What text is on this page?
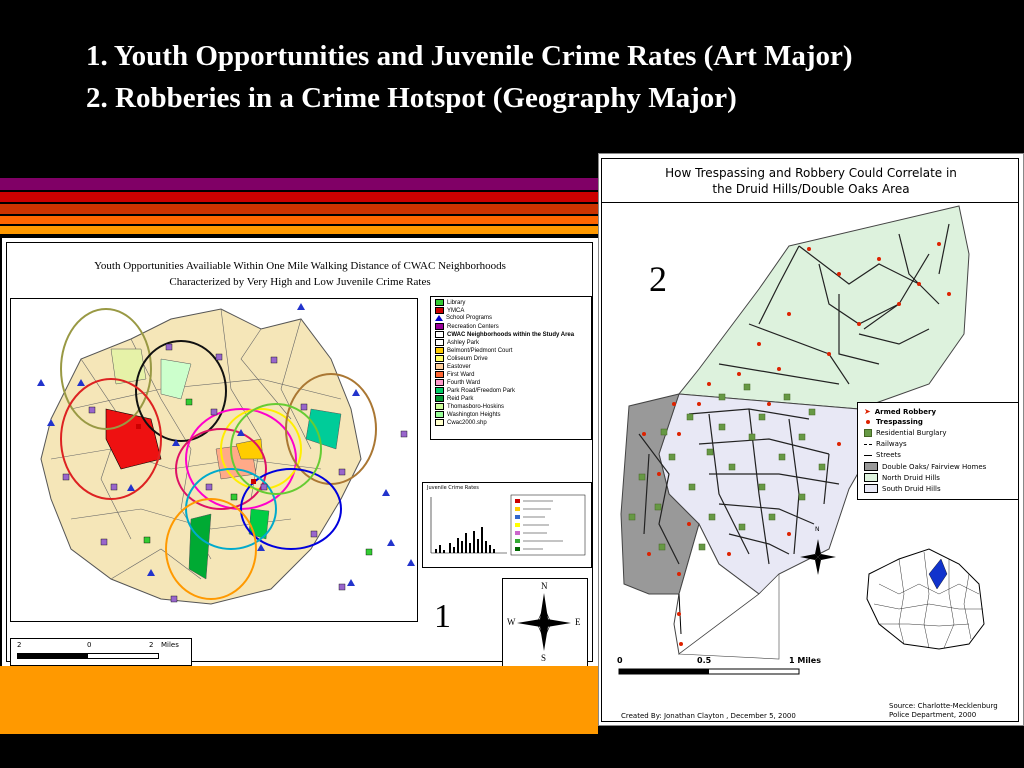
1. Youth Opportunities and Juvenile Crime Rates (Art Major)
2. Robberies in a Crime Hotspot (Geography Major)
Youth Opportunities Availiable Within One Mile Walking Distance of CWAC Neighborhoods
Characterized by Very High and Low Juvenile Crime Rates
Library
YMCA
School Programs
Recreation Centers
CWAC Neighborhoods within the Study Area
Ashley Park
Belmont/Piedmont Court
Coliseum Drive
Eastover
First Ward
Fourth Ward
Park Road/Freedom Park
Reid Park
Thomasboro-Hoskins
Washington Heights
Cwac2000.shp
Juvenile Crime Rates
N
S
E
W
2	0	2 Miles
1
How Trespassing and Robbery Could Correlate in
the Druid Hills/Double Oaks Area
2
➤ Armed Robbery
Trespassing
Residential Burglary
Railways
Streets
Double Oaks/ Fairview Homes
North Druid Hills
South Druid Hills
N
0	0.5	1 Miles
Created By: Jonathan Clayton , December 5, 2000
Source: Charlotte-Mecklenburg
Police Department, 2000
